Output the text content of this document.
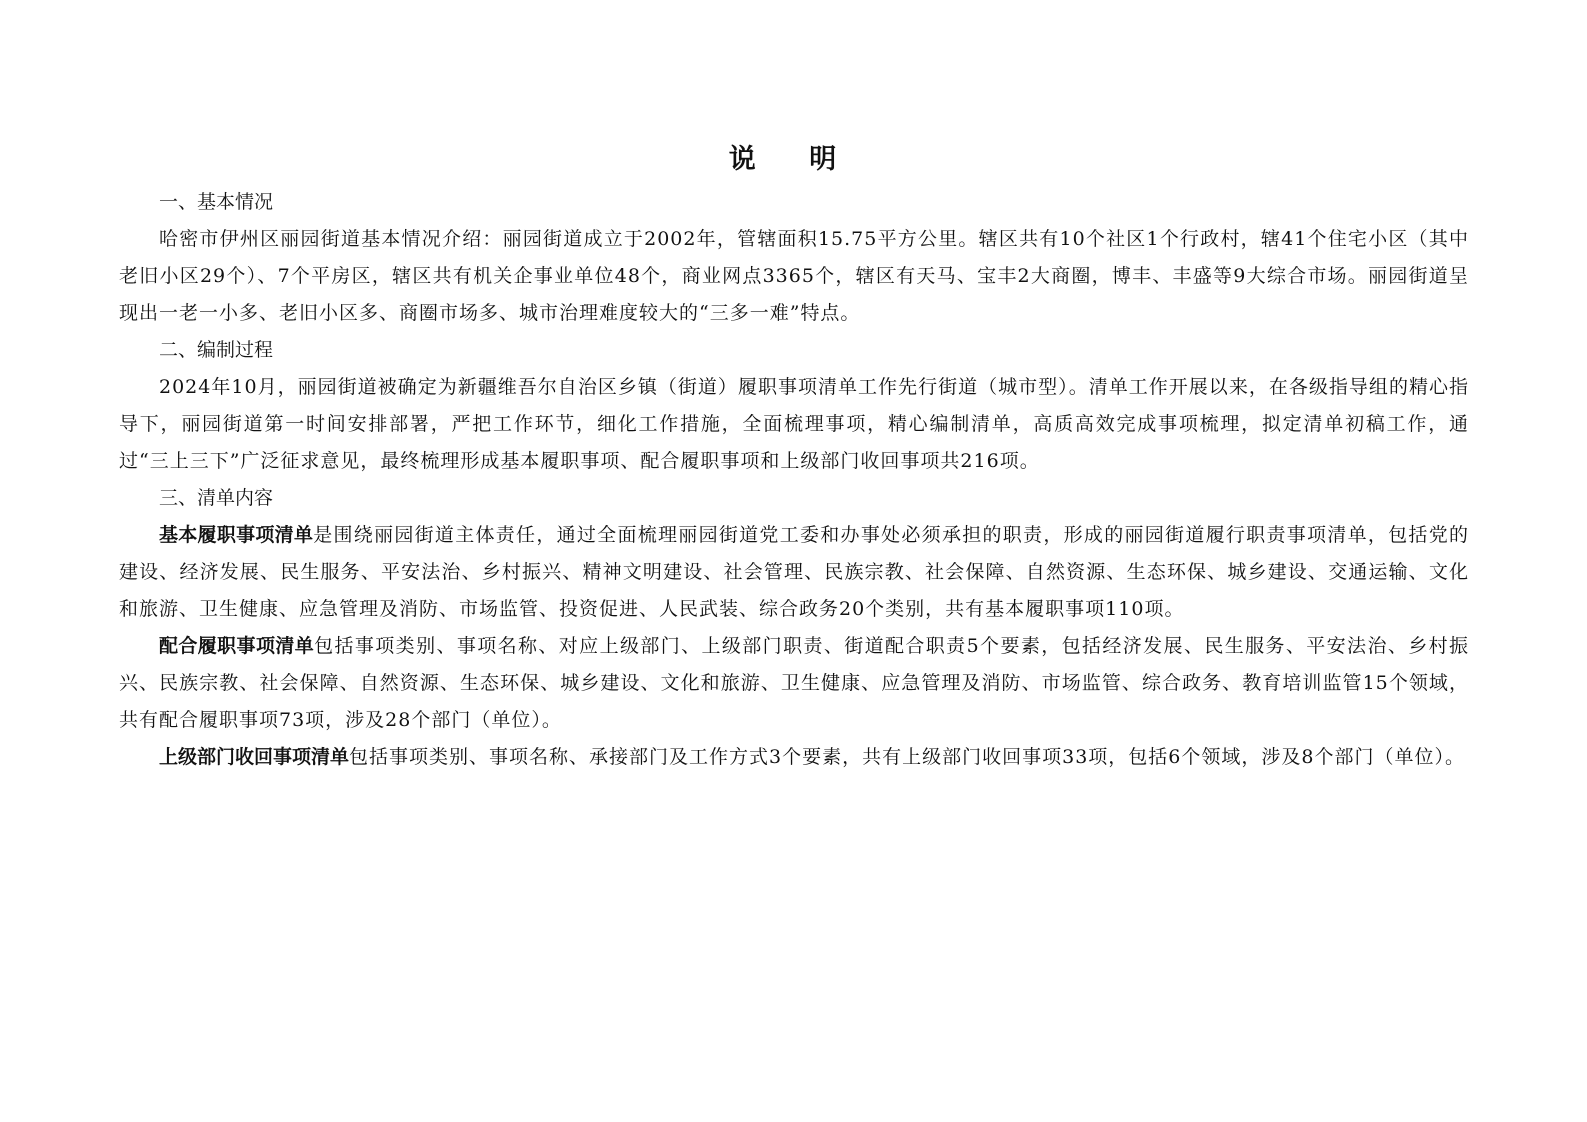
说 明
一、基本情况

哈密市伊州区丽园街道基本情况介绍：丽园街道成立于2002年，管辖面积15.75平方公里。辖区共有10个社区1个行政村，辖41个住宅小区（其中老旧小区29个）、7个平房区，辖区共有机关企事业单位48个，商业网点3365个，辖区有天马、宝丰2大商圈，博丰、丰盛等9大综合市场。丽园街道呈现出一老一小多、老旧小区多、商圈市场多、城市治理难度较大的“三多一难”特点。

二、编制过程

2024年10月，丽园街道被确定为新疆维吾尔自治区乡镇（街道）履职事项清单工作先行街道（城市型）。清单工作开展以来，在各级指导组的精心指导下，丽园街道第一时间安排部署，严把工作环节，细化工作措施，全面梳理事项，精心编制清单，高质高效完成事项梳理，拟定清单初稿工作，通过“三上三下”广泛征求意见，最终梳理形成基本履职事项、配合履职事项和上级部门收回事项共216项。

三、清单内容

基本履职事项清单是围绕丽园街道主体责任，通过全面梳理丽园街道党工委和办事处必须承担的职责，形成的丽园街道履行职责事项清单，包括党的建设、经济发展、民生服务、平安法治、乡村振兴、精神文明建设、社会管理、民族宗教、社会保障、自然资源、生态环保、城乡建设、交通运输、文化和旅游、卫生健康、应急管理及消防、市场监管、投资促进、人民武装、综合政务20个类别，共有基本履职事项110项。

配合履职事项清单包括事项类别、事项名称、对应上级部门、上级部门职责、街道配合职责5个要素，包括经济发展、民生服务、平安法治、乡村振兴、民族宗教、社会保障、自然资源、生态环保、城乡建设、文化和旅游、卫生健康、应急管理及消防、市场监管、综合政务、教育培训监管15个领域，共有配合履职事项73项，涉及28个部门（单位）。

上级部门收回事项清单包括事项类别、事项名称、承接部门及工作方式3个要素，共有上级部门收回事项33项，包括6个领域，涉及8个部门（单位）。
